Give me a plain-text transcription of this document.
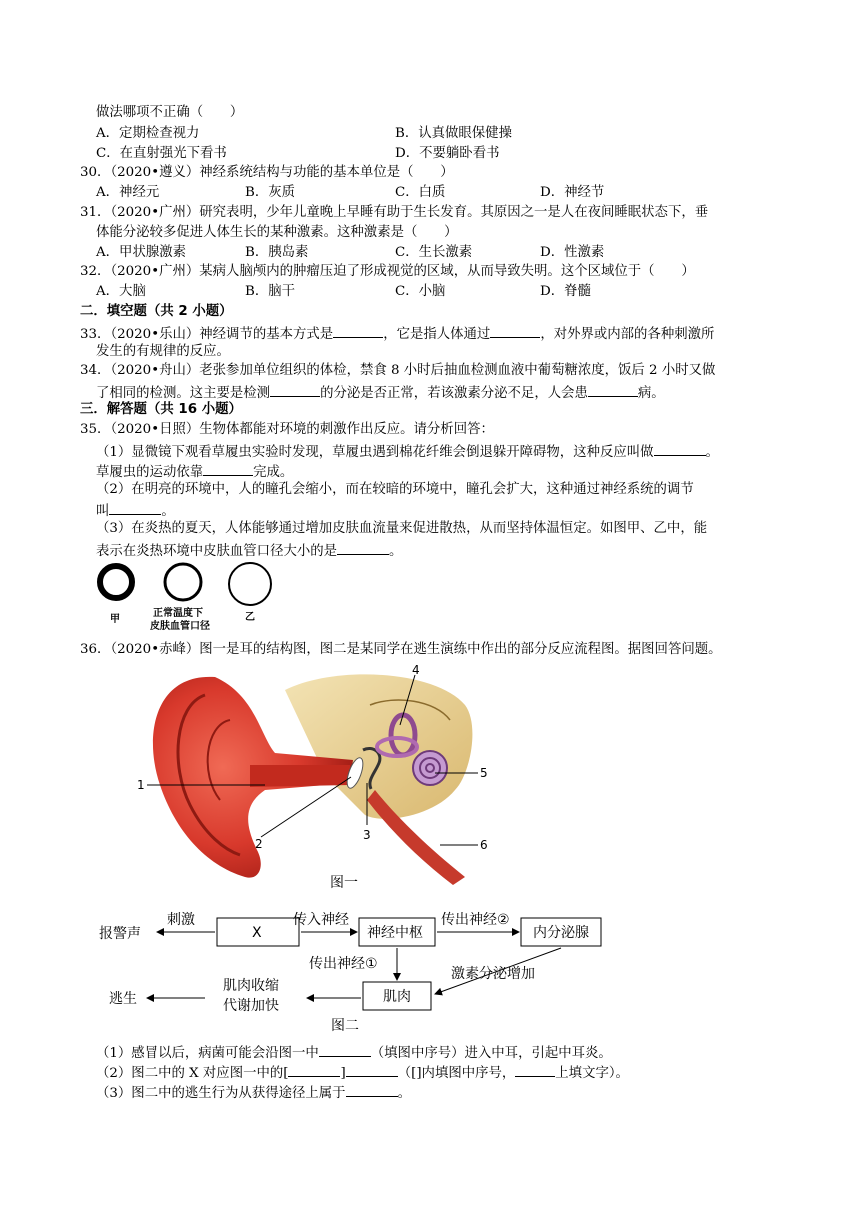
做法哪项不正确（　　）
A．定期检查视力	B．认真做眼保健操
C．在直射强光下看书	D．不要躺卧看书
30．（2020•遵义）神经系统结构与功能的基本单位是（　　）
A．神经元	B．灰质	C．白质	D．神经节
31．（2020•广州）研究表明，少年儿童晚上早睡有助于生长发育。其原因之一是人在夜间睡眠状态下，垂
体能分泌较多促进人体生长的某种激素。这种激素是（　　）
A．甲状腺激素	B．胰岛素	C．生长激素	D．性激素
32．（2020•广州）某病人脑颅内的肿瘤压迫了形成视觉的区域，从而导致失明。这个区域位于（　　）
A．大脑	B．脑干	C．小脑	D．脊髓
二．填空题（共 2 小题）
33．（2020•乐山）神经调节的基本方式是	，它是指人体通过	，对外界或内部的各种刺激所
发生的有规律的反应。
34．（2020•舟山）老张参加单位组织的体检，禁食 8 小时后抽血检测血液中葡萄糖浓度，饭后 2 小时又做
了相同的检测。这主要是检测	的分泌是否正常，若该激素分泌不足，人会患	病。
三．解答题（共 16 小题）
35．（2020•日照）生物体都能对环境的刺激作出反应。请分析回答：
（1）显微镜下观看草履虫实验时发现，草履虫遇到棉花纤维会倒退躲开障碍物，这种反应叫做	。
草履虫的运动依靠	完成。
（2）在明亮的环境中，人的瞳孔会缩小，而在较暗的环境中，瞳孔会扩大，这种通过神经系统的调节
叫	。
（3）在炎热的夏天，人体能够通过增加皮肤血流量来促进散热，从而坚持体温恒定。如图甲、乙中，能
表示在炎热环境中皮肤血管口径大小的是	。
甲
正常温度下
皮肤血管口径
乙
36．（2020•赤峰）图一是耳的结构图，图二是某同学在逃生演练中作出的部分反应流程图。据图回答问题。
1
2
3
4
5
6
图一
X	神经中枢	内分泌腺
肌肉
报警声
刺激	传入神经	传出神经②
传出神经①
激素分泌增加
肌肉收缩
代谢加快
逃生
图二
（1）感冒以后，病菌可能会沿图一中	（填图中序号）进入中耳，引起中耳炎。
（2）图二中的 X 对应图一中的[	]	（[]内填图中序号，	上填文字）。
（3）图二中的逃生行为从获得途径上属于	。
